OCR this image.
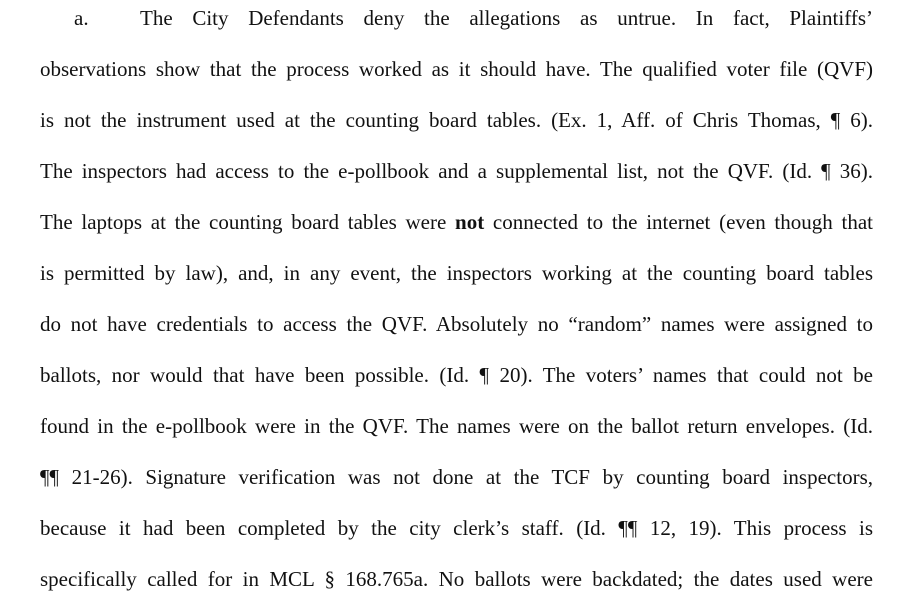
a. The City Defendants deny the allegations as untrue. In fact, Plaintiffs’
observations show that the process worked as it should have. The qualified voter file (QVF)
is not the instrument used at the counting board tables. (Ex. 1, Aff. of Chris Thomas, ¶ 6).
The inspectors had access to the e-pollbook and a supplemental list, not the QVF. (Id. ¶ 36).
The laptops at the counting board tables were not connected to the internet (even though that
is permitted by law), and, in any event, the inspectors working at the counting board tables
do not have credentials to access the QVF. Absolutely no “random” names were assigned to
ballots, nor would that have been possible. (Id. ¶ 20). The voters’ names that could not be
found in the e-pollbook were in the QVF. The names were on the ballot return envelopes. (Id.
¶¶ 21-26). Signature verification was not done at the TCF by counting board inspectors,
because it had been completed by the city clerk’s staff. (Id. ¶¶ 12, 19). This process is
specifically called for in MCL § 168.765a. No ballots were backdated; the dates used were
